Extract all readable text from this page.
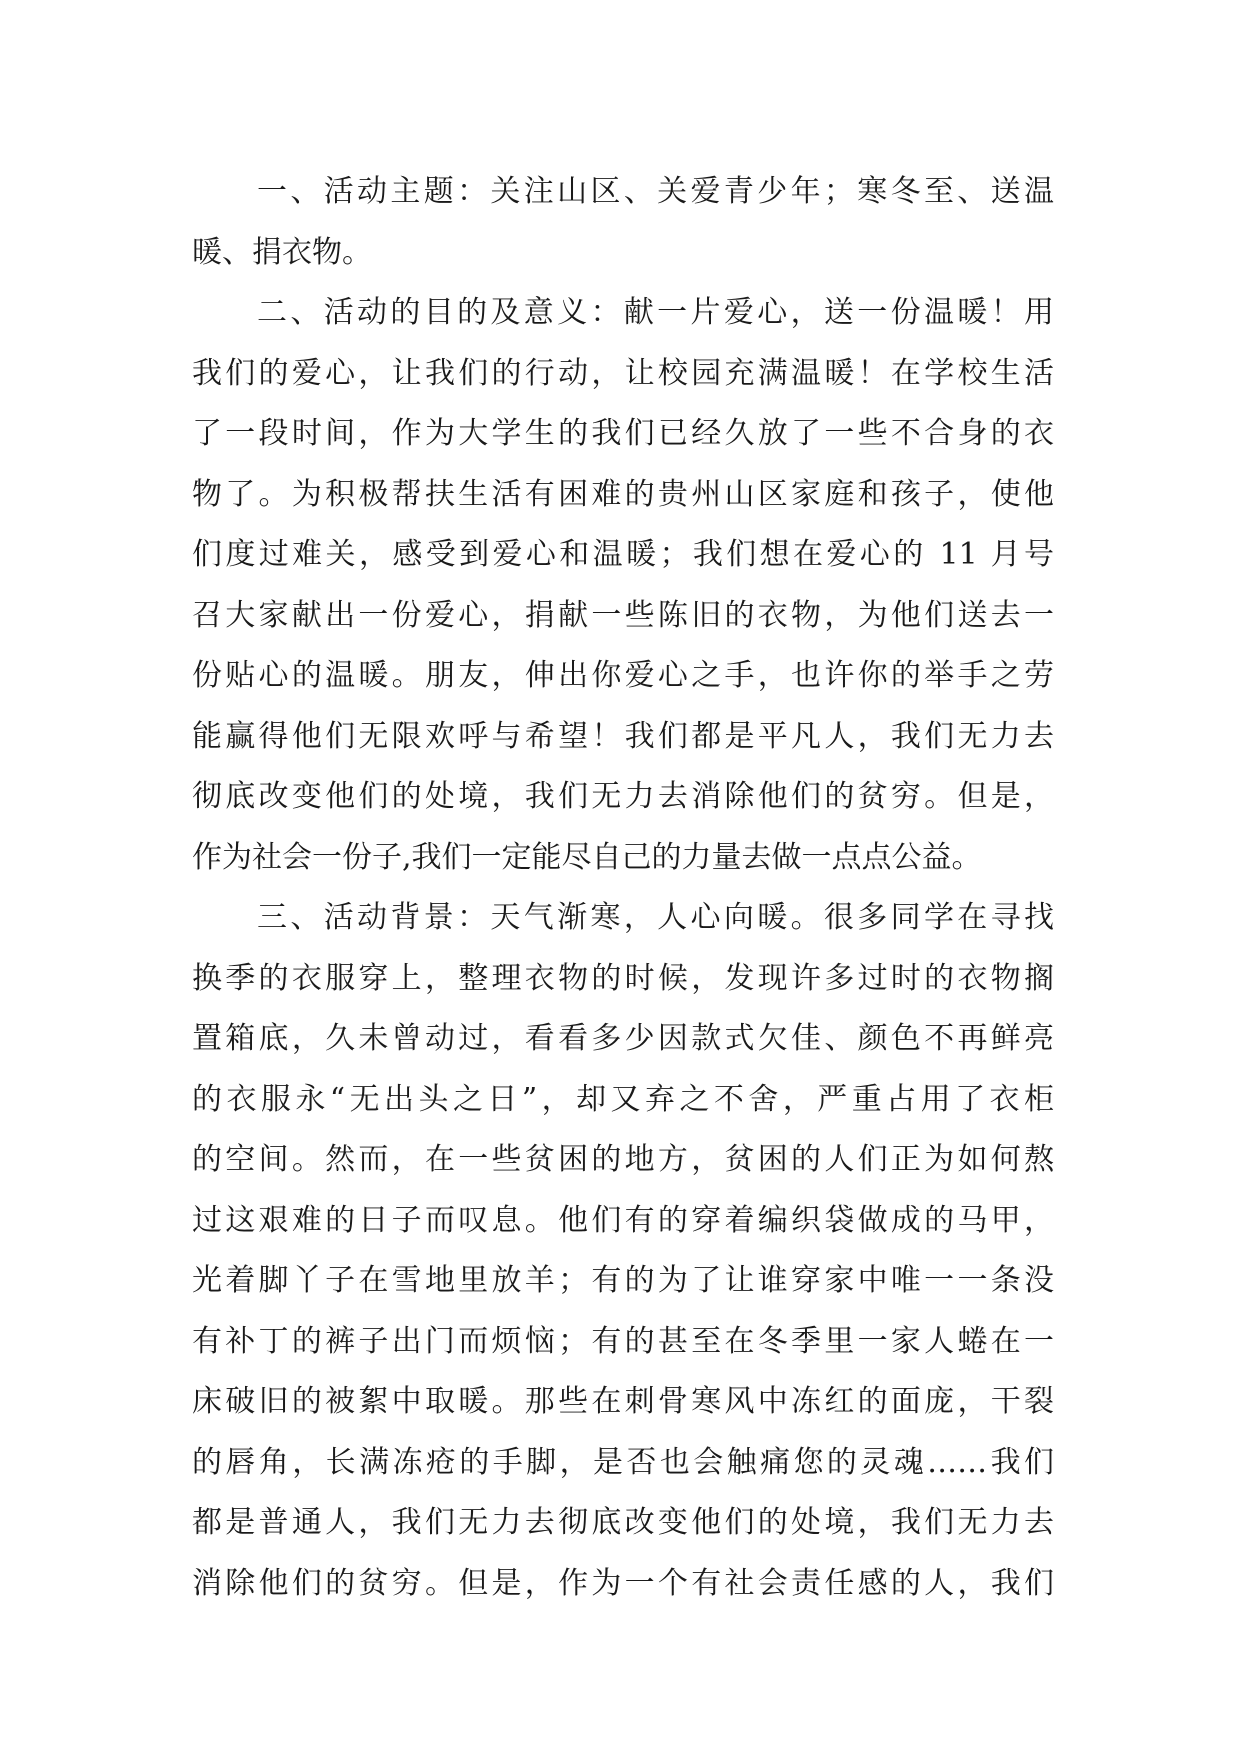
一、活动主题：关注山区、关爱青少年；寒冬至、送温
暖、捐衣物。
二、活动的目的及意义：献一片爱心，送一份温暖！用
我们的爱心，让我们的行动，让校园充满温暖！在学校生活
了一段时间，作为大学生的我们已经久放了一些不合身的衣
物了。为积极帮扶生活有困难的贵州山区家庭和孩子，使他
们度过难关，感受到爱心和温暖；我们想在爱心的 11 月号
召大家献出一份爱心，捐献一些陈旧的衣物，为他们送去一
份贴心的温暖。朋友，伸出你爱心之手，也许你的举手之劳
能赢得他们无限欢呼与希望！我们都是平凡人，我们无力去
彻底改变他们的处境，我们无力去消除他们的贫穷。但是，
作为社会一份子,我们一定能尽自己的力量去做一点点公益。
三、活动背景：天气渐寒，人心向暖。很多同学在寻找
换季的衣服穿上，整理衣物的时候，发现许多过时的衣物搁
置箱底，久未曾动过，看看多少因款式欠佳、颜色不再鲜亮
的衣服永“无出头之日”，却又弃之不舍，严重占用了衣柜
的空间。然而，在一些贫困的地方，贫困的人们正为如何熬
过这艰难的日子而叹息。他们有的穿着编织袋做成的马甲，
光着脚丫子在雪地里放羊；有的为了让谁穿家中唯一一条没
有补丁的裤子出门而烦恼；有的甚至在冬季里一家人蜷在一
床破旧的被絮中取暖。那些在刺骨寒风中冻红的面庞，干裂
的唇角，长满冻疮的手脚，是否也会触痛您的灵魂……我们
都是普通人，我们无力去彻底改变他们的处境，我们无力去
消除他们的贫穷。但是，作为一个有社会责任感的人，我们
